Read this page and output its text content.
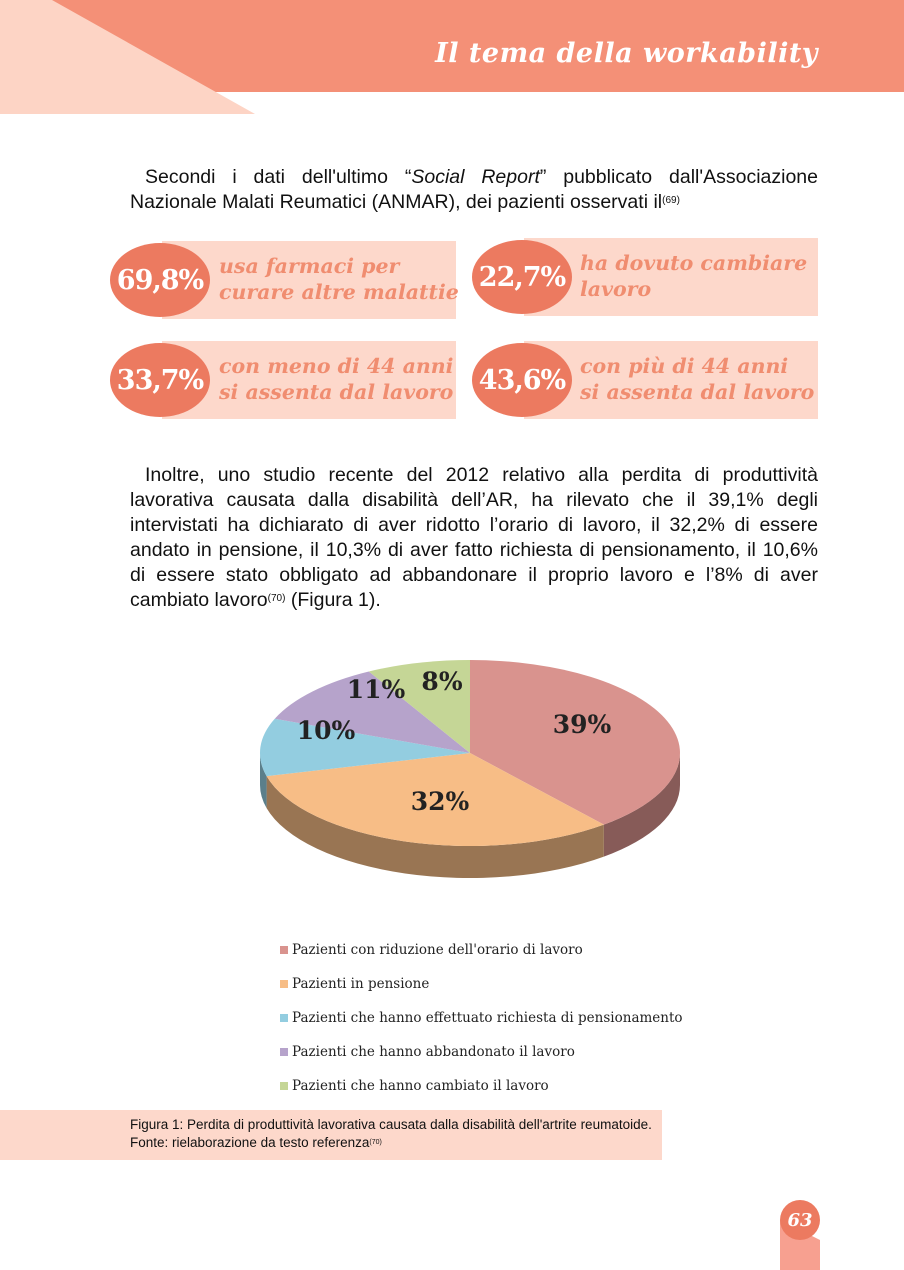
Il tema della workability
Secondi i dati dell'ultimo “Social Report” pubblicato dall'Associazione Nazionale Malati Reumatici (ANMAR), dei pazienti osservati $il^{(69)}$
69,8% usa farmaci per
curare altre malattie 22,7% ha dovuto cambiare
lavoro
33,7% con meno di 44 anni
si assenta dal lavoro 43,6% con più di 44 anni
si assenta dal lavoro
Inoltre, uno studio recente del 2012 relativo alla perdita di produttività lavorativa causata dalla disabilità dell’AR, ha rilevato che il 39,1% degli intervistati ha dichiarato di aver ridotto l’orario di lavoro, il 32,2% di essere andato in pensione, il 10,3% di aver fatto richiesta di pensionamento, il 10,6% di essere stato obbligato ad abbandonare il proprio lavoro e l’8% di aver cambiato lavoro$^{(70)}$ (Figura 1).
39%
32%
10%
11% 8%
Pazienti con riduzione dell'orario di lavoro
Pazienti in pensione
Pazienti che hanno effettuato richiesta di pensionamento
Pazienti che hanno abbandonato il lavoro
Pazienti che hanno cambiato il lavoro
Figura 1: Perdita di produttività lavorativa causata dalla disabilità dell'artrite reumatoide. Fonte: rielaborazione da testo referenza$^{(70)}$
63
